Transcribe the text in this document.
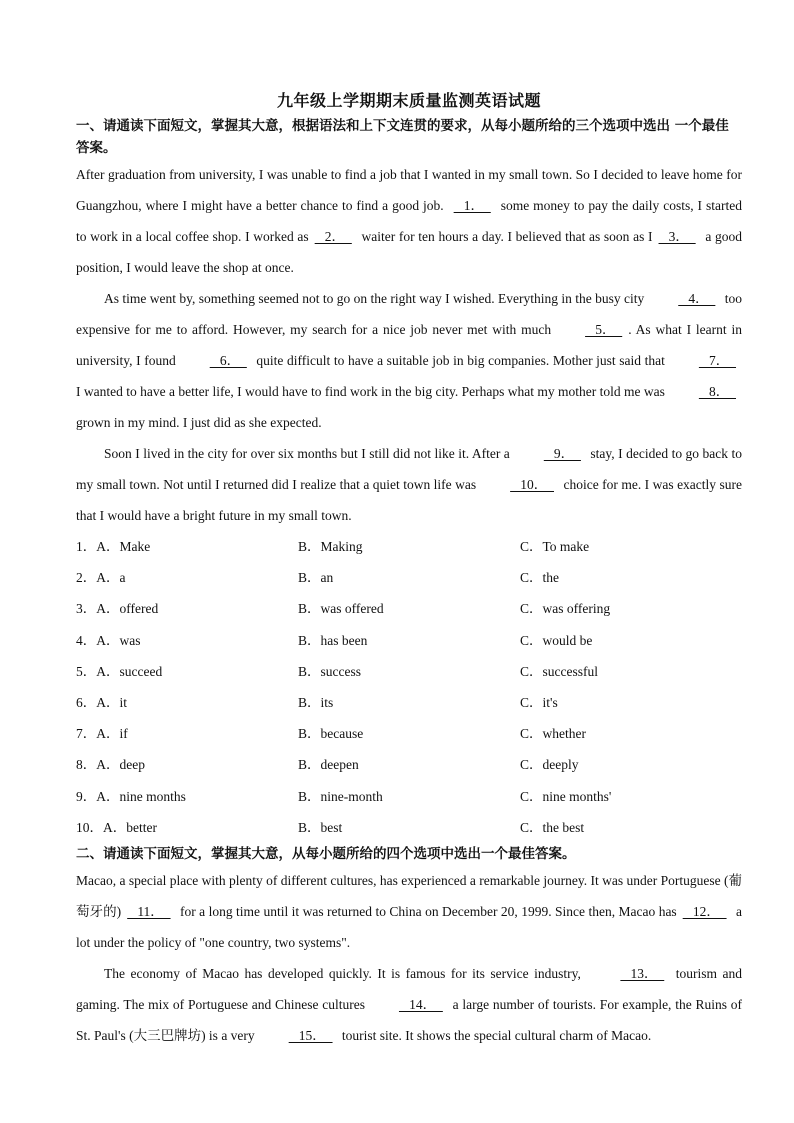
九年级上学期期末质量监测英语试题
一、请通读下面短文，掌握其大意，根据语法和上下文连贯的要求，从每小题所给的三个选项中选出 一个最佳答案。

After graduation from university, I was unable to find a job that I wanted in my small town. So I decided to leave home for Guangzhou, where I might have a better chance to find a good job.    1．   some money to pay the daily costs, I started to work in a local coffee shop. I worked as   2．   waiter for ten hours a day. I believed that as soon as I   3．   a good position, I would leave the shop at once.

As time went by, something seemed not to go on the right way I wished. Everything in the busy city	4．   too expensive for me to afford. However, my search for a nice job never met with much	5．  . As what I learnt in university, I found	6．   quite difficult to have a suitable job in big companies. Mother just said that	7．   I wanted to have a better life, I would have to find work in the big city. Perhaps what my mother told me was	8．   grown in my mind. I just did as she expected.

Soon I lived in the city for over six months but I still did not like it. After a	9．   stay, I decided to go back to my small town. Not until I returned did I realize that a quiet town life was	10．   choice for me. I was exactly sure that I would have a bright future in my small town.

1．A．Make	B．Making	C．To make
2．A．a	B．an	C．the
3．A．offered	B．was offered	C．was offering
4．A．was	B．has been	C．would be
5．A．succeed	B．success	C．successful
6．A．it	B．its	C．it's
7．A．if	B．because	C．whether
8．A．deep	B．deepen	C．deeply
9．A．nine months	B．nine-month	C．nine months'
10．A．better	B．best	C．the best
二、请通读下面短文，掌握其大意，从每小题所给的四个选项中选出一个最佳答案。

Macao, a special place with plenty of different cultures, has experienced a remarkable journey. It was under Portuguese (葡萄牙的)   11．   for a long time until it was returned to China on December 20, 1999. Since then, Macao has   12．   a lot under the policy of "one country, two systems".

The economy of Macao has developed quickly. It is famous for its service industry,	13．   tourism and gaming. The mix of Portuguese and Chinese cultures	14．   a large number of tourists. For example, the Ruins of St. Paul's (大三巴牌坊) is a very	15．   tourist site. It shows the special cultural charm of Macao.
